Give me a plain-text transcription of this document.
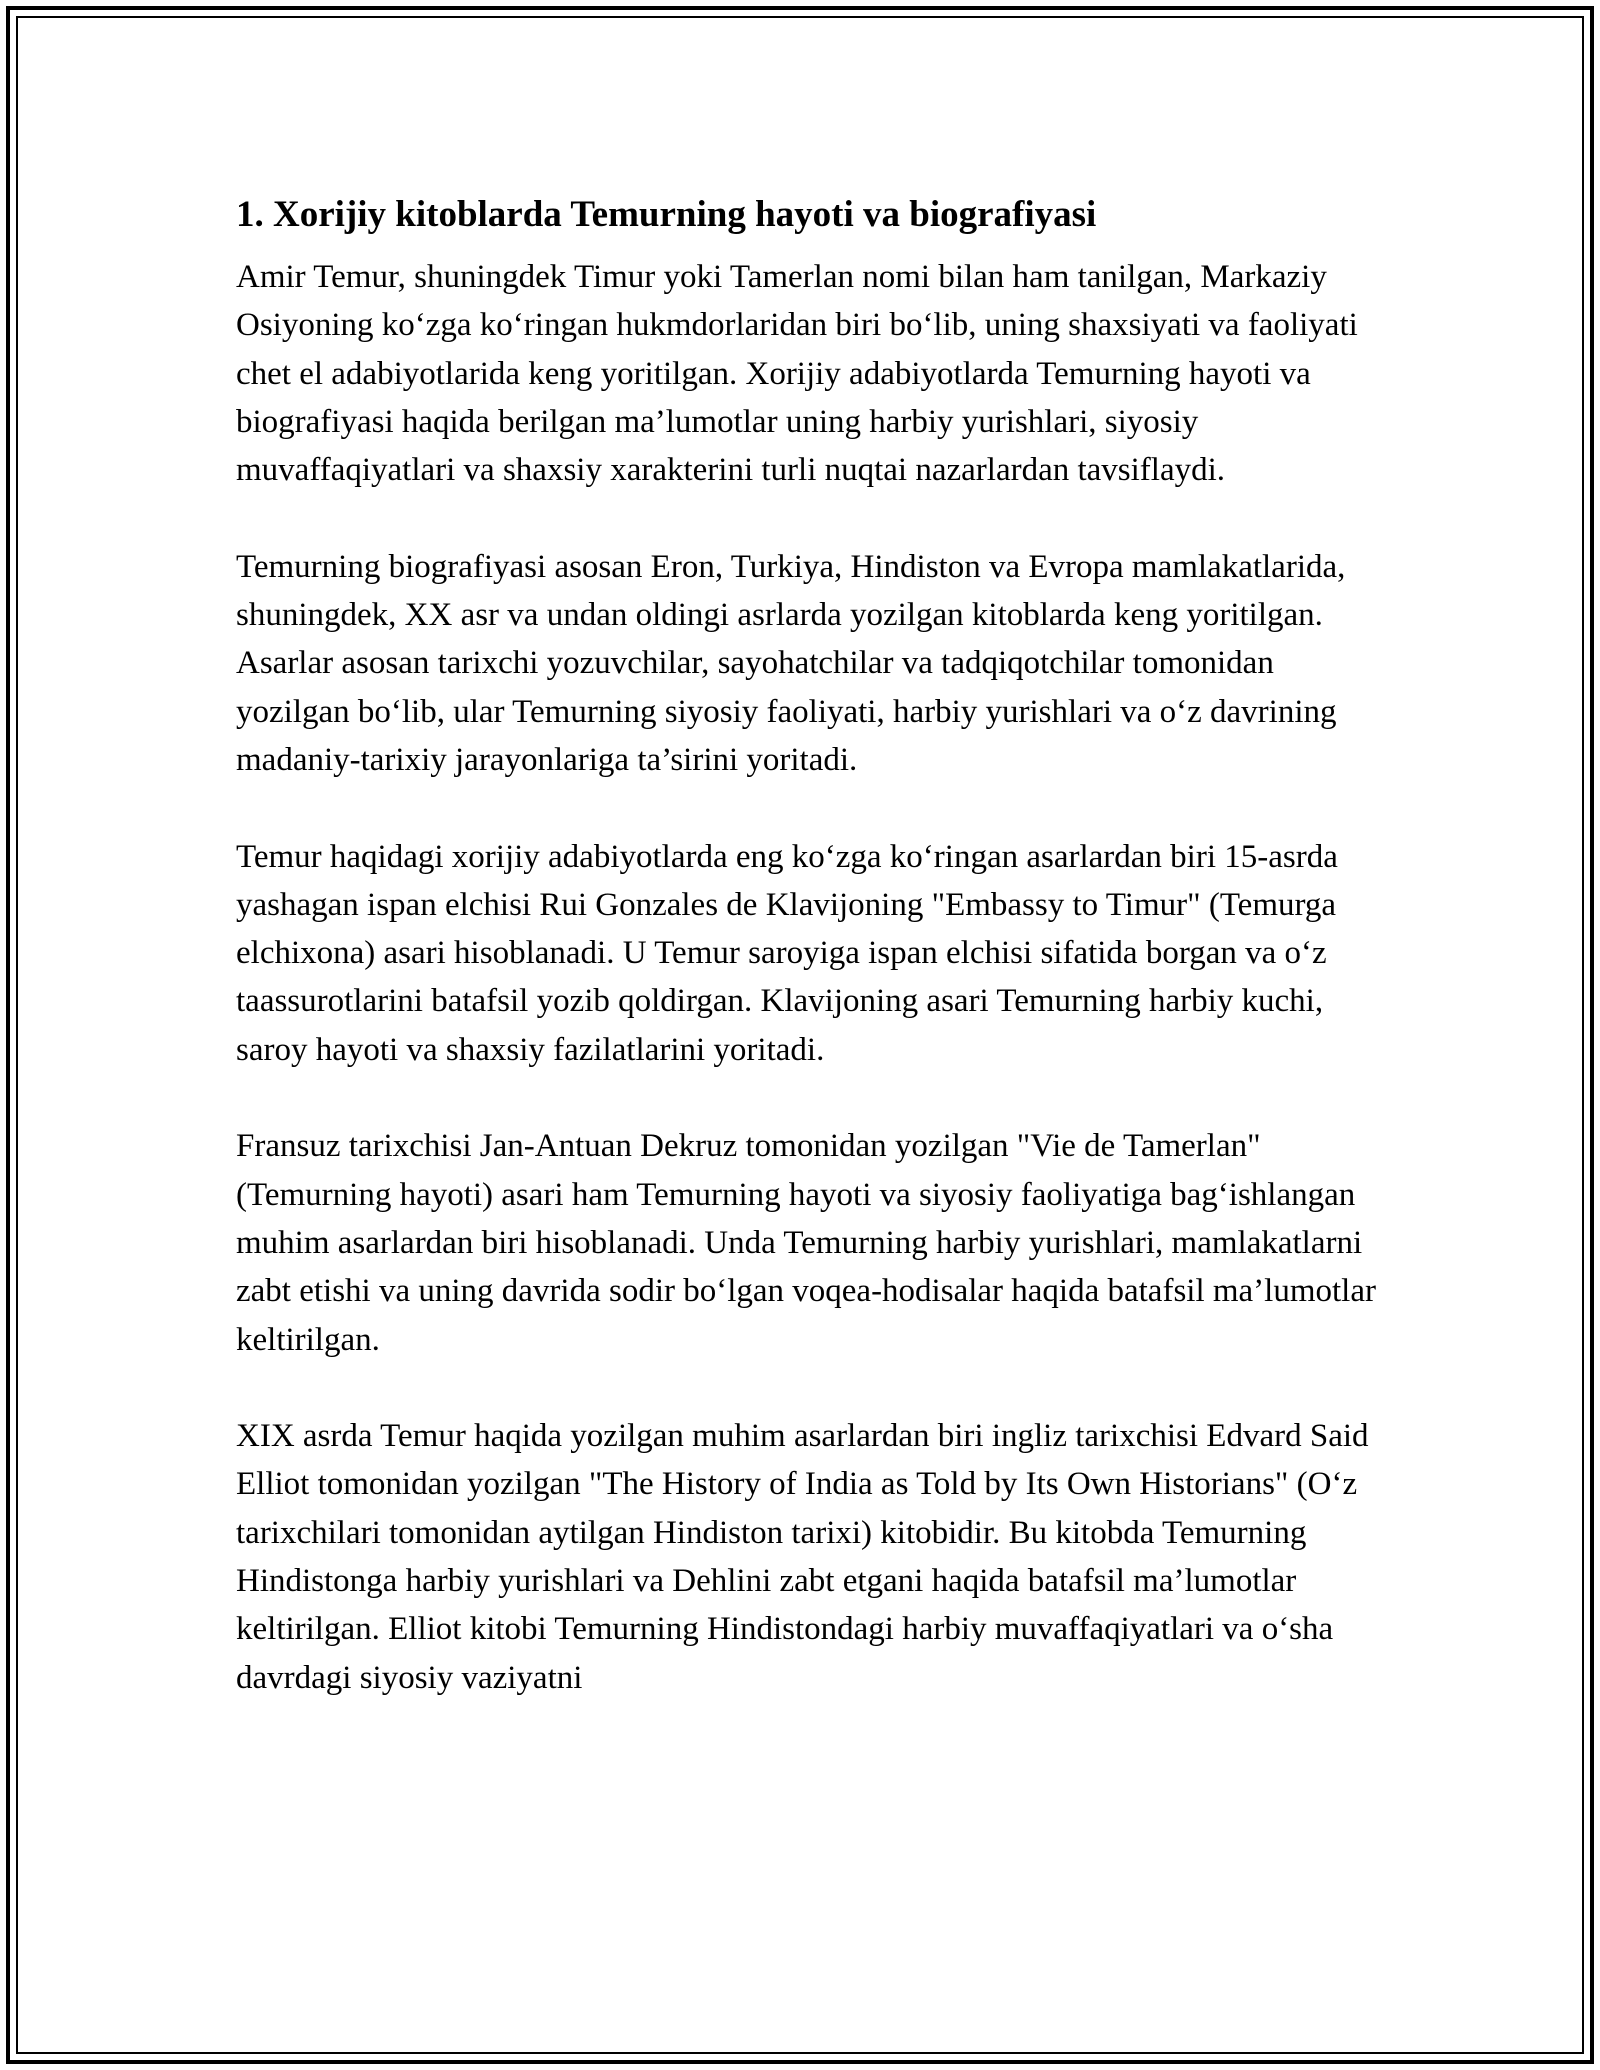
1. Xorijiy kitoblarda Temurning hayoti va biografiyasi

Amir Temur, shuningdek Timur yoki Tamerlan nomi bilan ham tanilgan, Markaziy Osiyoning ko‘zga ko‘ringan hukmdorlaridan biri bo‘lib, uning shaxsiyati va faoliyati chet el adabiyotlarida keng yoritilgan. Xorijiy adabiyotlarda Temurning hayoti va biografiyasi haqida berilgan ma’lumotlar uning harbiy yurishlari, siyosiy muvaffaqiyatlari va shaxsiy xarakterini turli nuqtai nazarlardan tavsiflaydi.

Temurning biografiyasi asosan Eron, Turkiya, Hindiston va Evropa mamlakatlarida, shuningdek, XX asr va undan oldingi asrlarda yozilgan kitoblarda keng yoritilgan. Asarlar asosan tarixchi yozuvchilar, sayohatchilar va tadqiqotchilar tomonidan yozilgan bo‘lib, ular Temurning siyosiy faoliyati, harbiy yurishlari va o‘z davrining madaniy-tarixiy jarayonlariga ta’sirini yoritadi.

Temur haqidagi xorijiy adabiyotlarda eng ko‘zga ko‘ringan asarlardan biri 15-asrda yashagan ispan elchisi Rui Gonzales de Klavijoning "Embassy to Timur" (Temurga elchixona) asari hisoblanadi. U Temur saroyiga ispan elchisi sifatida borgan va o‘z taassurotlarini batafsil yozib qoldirgan. Klavijoning asari Temurning harbiy kuchi, saroy hayoti va shaxsiy fazilatlarini yoritadi.

Fransuz tarixchisi Jan-Antuan Dekruz tomonidan yozilgan "Vie de Tamerlan" (Temurning hayoti) asari ham Temurning hayoti va siyosiy faoliyatiga bag‘ishlangan muhim asarlardan biri hisoblanadi. Unda Temurning harbiy yurishlari, mamlakatlarni zabt etishi va uning davrida sodir bo‘lgan voqea-hodisalar haqida batafsil ma’lumotlar keltirilgan.

XIX asrda Temur haqida yozilgan muhim asarlardan biri ingliz tarixchisi Edvard Said Elliot tomonidan yozilgan "The History of India as Told by Its Own Historians" (O‘z tarixchilari tomonidan aytilgan Hindiston tarixi) kitobidir. Bu kitobda Temurning Hindistonga harbiy yurishlari va Dehlini zabt etgani haqida batafsil ma’lumotlar keltirilgan. Elliot kitobi Temurning Hindistondagi harbiy muvaffaqiyatlari va o‘sha davrdagi siyosiy vaziyatni
